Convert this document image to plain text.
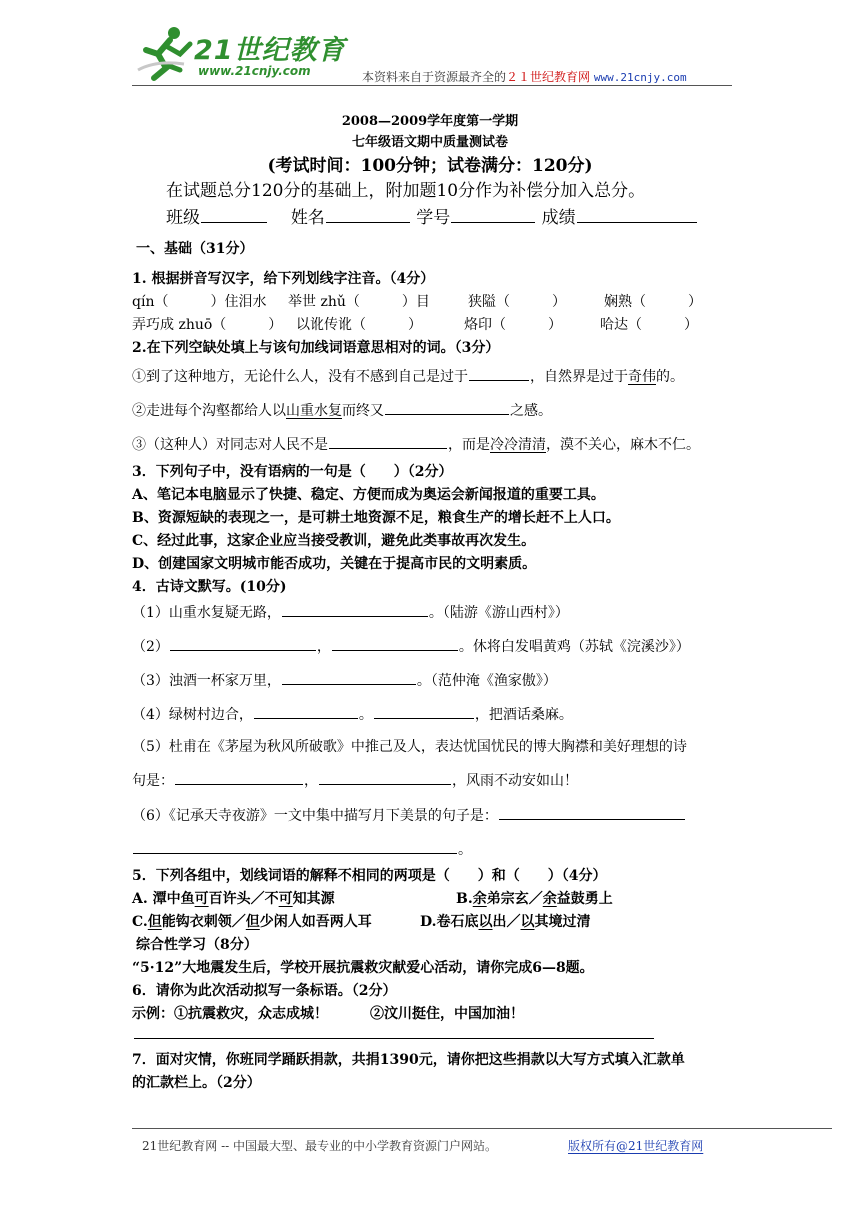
21世纪教育
www.21cnjy.com	本资料来自于资源最齐全的２１世纪教育网 www.21cnjy.com
2008—2009学年度第一学期
七年级语文期中质量测试卷
(考试时间：100分钟；试卷满分：120分)
在试题总分120分的基础上，附加题10分作为补偿分加入总分。
班级	姓名	学号	成绩
一、基础（31分）
1. 根据拼音写汉字，给下列划线字注音。（4分）
qín（　　　）住泪水 举世 zhǔ（　　　）目	狭隘（　　　）	娴熟（　　　）
弄巧成 zhuō（　　　） 以讹传讹（　　　）	烙印（　　　）	哈达（　　　）
2.在下列空缺处填上与该句加线词语意思相对的词。（3分）
①到了这种地方，无论什么人，没有不感到自己是过于	，自然界是过于奇伟的。
②走进每个沟壑都给人以山重水复而终又	之感。
③（这种人）对同志对人民不是	，而是冷冷清清，漠不关心，麻木不仁。
3．下列句子中，没有语病的一句是（　　）（2分）
A、笔记本电脑显示了快捷、稳定、方便而成为奥运会新闻报道的重要工具。
B、资源短缺的表现之一，是可耕土地资源不足，粮食生产的增长赶不上人口。
C、经过此事，这家企业应当接受教训，避免此类事故再次发生。
D、创建国家文明城市能否成功，关键在于提高市民的文明素质。
4．古诗文默写。(10分)
（1）山重水复疑无路，	。（陆游《游山西村》）
（2）	，	。休将白发唱黄鸡（苏轼《浣溪沙》）
（3）浊酒一杯家万里，	。（范仲淹《渔家傲》）
（4）绿树村边合，	。	，把酒话桑麻。
（5）杜甫在《茅屋为秋风所破歌》中推己及人，表达忧国忧民的博大胸襟和美好理想的诗
句是：	，	，风雨不动安如山！
（6）《记承天寺夜游》一文中集中描写月下美景的句子是：
。
5．下列各组中，划线词语的解释不相同的两项是（　　）和（　　）（4分）
A. 潭中鱼可百许头／不可知其源	B.余弟宗玄／余益鼓勇上
C.但能钩衣刺领／但少闲人如吾两人耳	D.卷石底以出／以其境过清
综合性学习（8分）
“5·12”大地震发生后，学校开展抗震救灾献爱心活动，请你完成6—8题。
6．请你为此次活动拟写一条标语。（2分）
示例：①抗震救灾，众志成城！　　　②汶川挺住，中国加油！
7．面对灾情，你班同学踊跃捐款，共捐1390元，请你把这些捐款以大写方式填入汇款单
的汇款栏上。（2分）
21世纪教育网 -- 中国最大型、最专业的中小学教育资源门户网站。	版权所有@21世纪教育网
